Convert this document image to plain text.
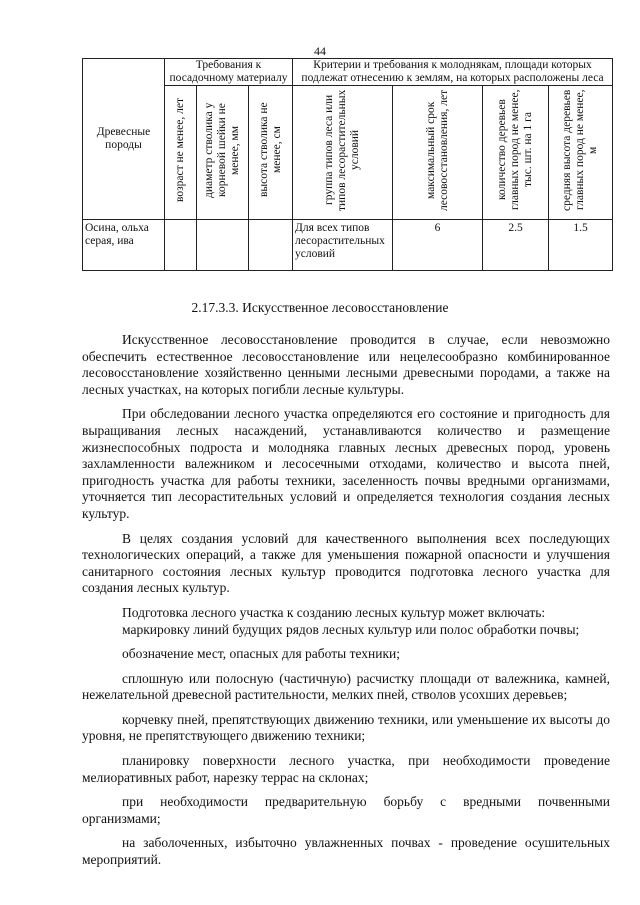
44
Древесные породы	Требования к посадочному материалу			Критерии и требования к молоднякам, площади которых подлежат отнесению к землям, на которых расположены леса			
	возраст не менее, лет	диаметр стволика у корневой шейки не менее, мм	высота стволика не менее, см	группа типов леса или типов лесорастительных условий	максимальный срок лесовосстановления, лет	количество деревьев главных пород не менее, тыс. шт. на 1 га	средняя высота деревьев главных пород не менее, м
Осина, ольха серая, ива				Для всех типов лесорастительных условий	6	2.5	1.5
2.17.3.3. Искусственное лесовосстановление

Искусственное лесовосстановление проводится в случае, если невозможно обеспечить естественное лесовосстановление или нецелесообразно комбинированное лесовосстановление хозяйственно ценными лесными древесными породами, а также на лесных участках, на которых погибли лесные культуры.

При обследовании лесного участка определяются его состояние и пригодность для выращивания лесных насаждений, устанавливаются количество и размещение жизнеспособных подроста и молодняка главных лесных древесных пород, уровень захламленности валежником и лесосечными отходами, количество и высота пней, пригодность участка для работы техники, заселенность почвы вредными организмами, уточняется тип лесорастительных условий и определяется технология создания лесных культур.

В целях создания условий для качественного выполнения всех последующих технологических операций, а также для уменьшения пожарной опасности и улучшения санитарного состояния лесных культур проводится подготовка лесного участка для создания лесных культур.

Подготовка лесного участка к созданию лесных культур может включать:

маркировку линий будущих рядов лесных культур или полос обработки почвы;

обозначение мест, опасных для работы техники;

сплошную или полосную (частичную) расчистку площади от валежника, камней, нежелательной древесной растительности, мелких пней, стволов усохших деревьев;

корчевку пней, препятствующих движению техники, или уменьшение их высоты до уровня, не препятствующего движению техники;

планировку поверхности лесного участка, при необходимости проведение мелиоративных работ, нарезку террас на склонах;

при необходимости предварительную борьбу с вредными почвенными организмами;

на заболоченных, избыточно увлажненных почвах - проведение осушительных мероприятий.
